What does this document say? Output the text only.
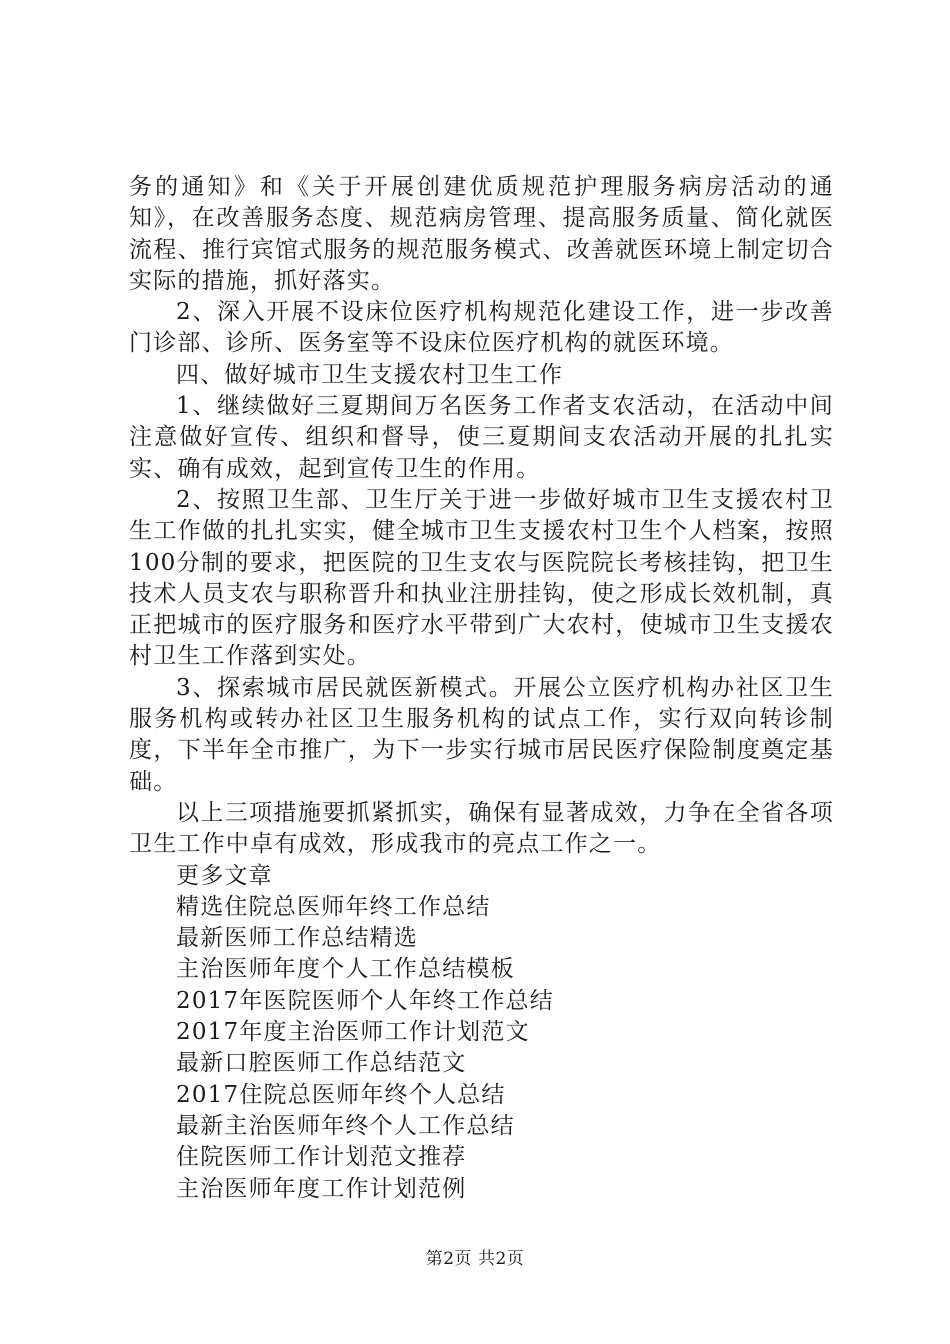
务的通知》和《关于开展创建优质规范护理服务病房活动的通知》，在改善服务态度、规范病房管理、提高服务质量、简化就医流程、推行宾馆式服务的规范服务模式、改善就医环境上制定切合实际的措施，抓好落实。

2、深入开展不设床位医疗机构规范化建设工作，进一步改善门诊部、诊所、医务室等不设床位医疗机构的就医环境。

四、做好城市卫生支援农村卫生工作

1、继续做好三夏期间万名医务工作者支农活动，在活动中间注意做好宣传、组织和督导，使三夏期间支农活动开展的扎扎实实、确有成效，起到宣传卫生的作用。

2、按照卫生部、卫生厅关于进一步做好城市卫生支援农村卫生工作做的扎扎实实，健全城市卫生支援农村卫生个人档案，按照100分制的要求，把医院的卫生支农与医院院长考核挂钩，把卫生技术人员支农与职称晋升和执业注册挂钩，使之形成长效机制，真正把城市的医疗服务和医疗水平带到广大农村，使城市卫生支援农村卫生工作落到实处。

3、探索城市居民就医新模式。开展公立医疗机构办社区卫生服务机构或转办社区卫生服务机构的试点工作，实行双向转诊制度，下半年全市推广，为下一步实行城市居民医疗保险制度奠定基础。

以上三项措施要抓紧抓实，确保有显著成效，力争在全省各项卫生工作中卓有成效，形成我市的亮点工作之一。

更多文章

精选住院总医师年终工作总结
最新医师工作总结精选
主治医师年度个人工作总结模板
2017年医院医师个人年终工作总结
2017年度主治医师工作计划范文
最新口腔医师工作总结范文
2017住院总医师年终个人总结
最新主治医师年终个人工作总结
住院医师工作计划范文推荐
主治医师年度工作计划范例
第2页 共2页
